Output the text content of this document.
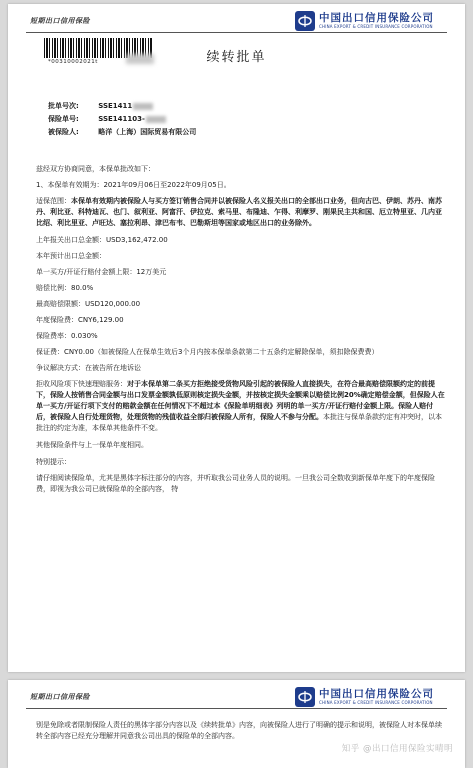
短期出口信用保险	中国出口信用保险公司
CHINA EXPORT & CREDIT INSURANCE CORPORATION
*00310002021t	续转批单
批单号次:	SSE1411
保险单号:	SSE141103-
被保险人:	略洋（上海）国际贸易有限公司

兹经双方协商同意，本保单批改如下：

1、本保单有效期为：2021年09月06日至2022年09月05日。

适保范围：本保单有效期内被保险人与买方签订销售合同并以被保险人名义报关出口的全部出口业务，但向古巴、伊朗、苏丹、南苏丹、利比亚、科特迪瓦、也门、叙利亚、阿富汗、伊拉克、索马里、布隆迪、乍得、利摩罗、刚果民主共和国、厄立特里亚、几内亚比绍、利比里亚、卢旺达、塞拉利昂、津巴布韦、巴勒斯坦等国家或地区出口的业务除外。

上年报关出口总金额：USD3,162,472.00

本年预计出口总金额：

单一买方/开证行赔付金额上限：12万美元

赔偿比例：80.0%

最高赔偿限额：USD120,000.00

年度保险费：CNY6,129.00

保险费率：0.030%

保证费：CNY0.00（如被保险人在保单生效后3个月内按本保单条款第二十五条约定解除保单，须扣除保费费）

争议解决方式：在被告所在地诉讼

拒收风险项下快速理赔服务：对于本保单第二条买方拒绝接受货物风险引起的被保险人直接损失，在符合最高赔偿限额约定的前提下，保险人按销售合同金额与出口发票金额孰低原则核定损失金额，并按核定损失金额乘以赔偿比例20%确定赔偿金额，但保险人在单一买方/开证行项下支付的赔款金额在任何情况下不超过本《保险单明细表》列明的单一买方/开证行赔付金额上限。保险人赔付后，被保险人自行处理货物，处理货物的残值收益全部归被保险人所有，保险人不参与分配。本批注与保单条款约定有冲突时，以本批注的约定为准，本保单其他条件不变。

其他保险条件与上一保单年度相同。

特别提示：

请仔细阅读保险单，尤其是黑体字标注部分的内容，并听取我公司业务人员的说明。一旦我公司全数收到新保单年度下的年度保险费，即视为我公司已就保险单的全部内容， 特

短期出口信用保险	中国出口信用保险公司
CHINA EXPORT & CREDIT INSURANCE CORPORATION
别是免除或者限制保险人责任的黑体字部分内容以及《续转批单》内容，向被保险人进行了明确的提示和说明，被保险人对本保单续转全部内容已经充分理解并同意我公司出具的保险单的全部内容。
知乎 @出口信用保险实晴明
